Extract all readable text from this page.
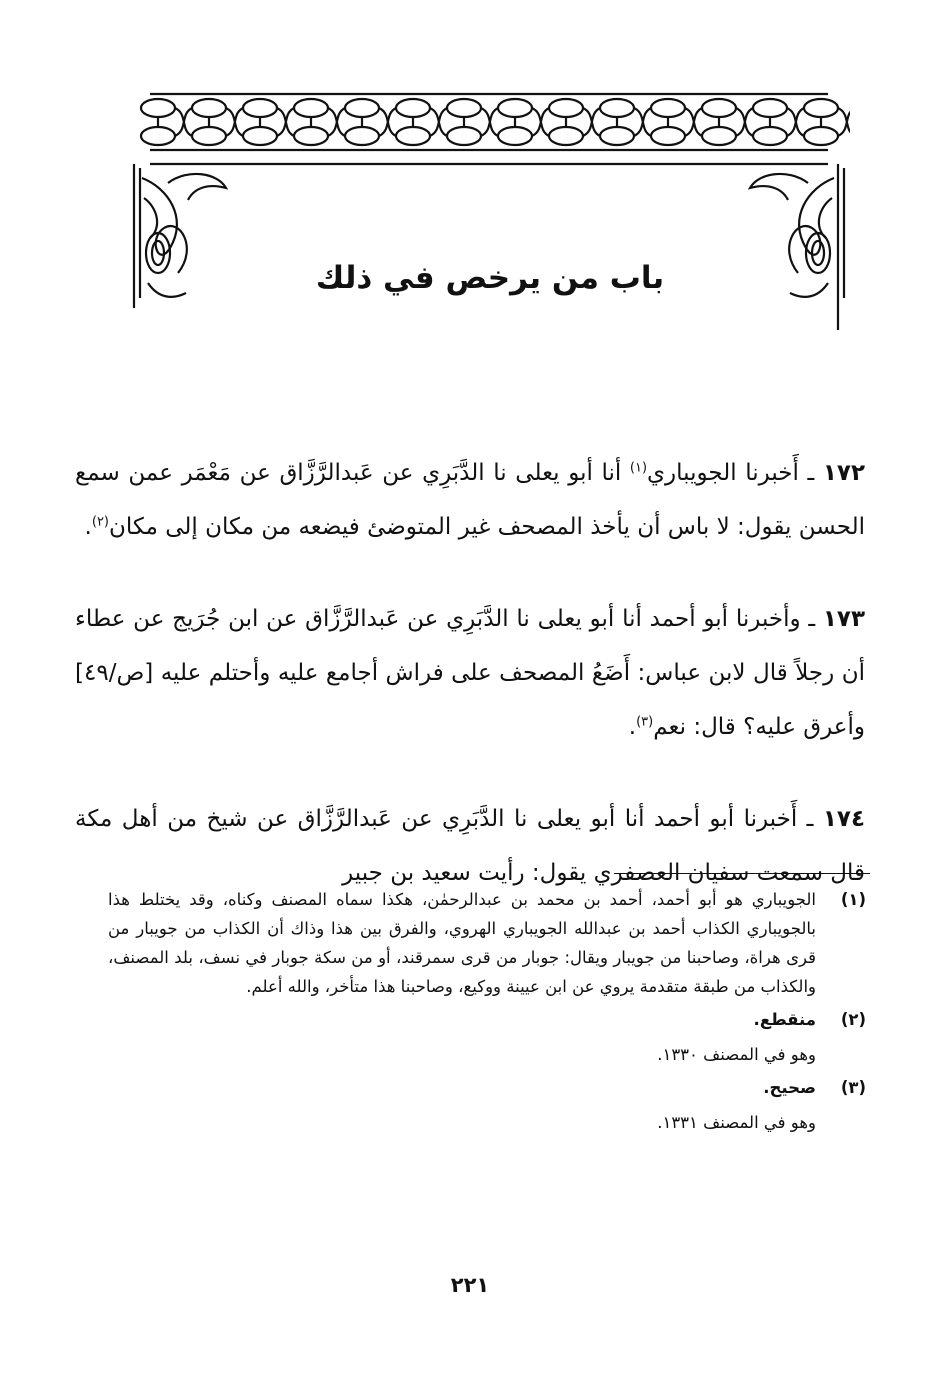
باب من يرخص في ذلك

١٧٢ ـ أَخبرنا الجويباري$^{(١)}$ أنا أبو يعلى نا الدَّبَرِي عن عَبدالرَّزَّاق عن مَعْمَر عمن سمع الحسن يقول: لا باس أن يأخذ المصحف غير المتوضئ فيضعه من مكان إلى مكان$^{(٢)}$.

١٧٣ ـ وأخبرنا أبو أحمد أنا أبو يعلى نا الدَّبَرِي عن عَبدالرَّزَّاق عن ابن جُرَيج عن عطاء أن رجلاً قال لابن عباس: أَضَعُ المصحف على فراش أجامع عليه وأحتلم عليه [ص/٤٩] وأعرق عليه؟ قال: نعم$^{(٣)}$.

١٧٤ ـ أَخبرنا أبو أحمد أنا أبو يعلى نا الدَّبَرِي عن عَبدالرَّزَّاق عن شيخ من أهل مكة قال سمعت سفيان العصفري يقول: رأيت سعيد بن جبير

(١)

الجويباري هو أبو أحمد، أحمد بن محمد بن عبدالرحمٰن، هكذا سماه المصنف وكناه، وقد يختلط هذا بالجويباري الكذاب أحمد بن عبدالله الجويباري الهروي، والفرق بين هذا وذاك أن الكذاب من جويبار من قرى هراة، وصاحبنا من جويبار ويقال: جوبار من قرى سمرقند، أو من سكة جوبار في نسف، بلد المصنف، والكذاب من طبقة متقدمة يروي عن ابن عيينة ووكيع، وصاحبنا هذا متأخر، والله أعلم.

(٢)

منقطع.

وهو في المصنف ١٣٣٠.

(٣)

صحيح.

وهو في المصنف ١٣٣١.

٢٢١
